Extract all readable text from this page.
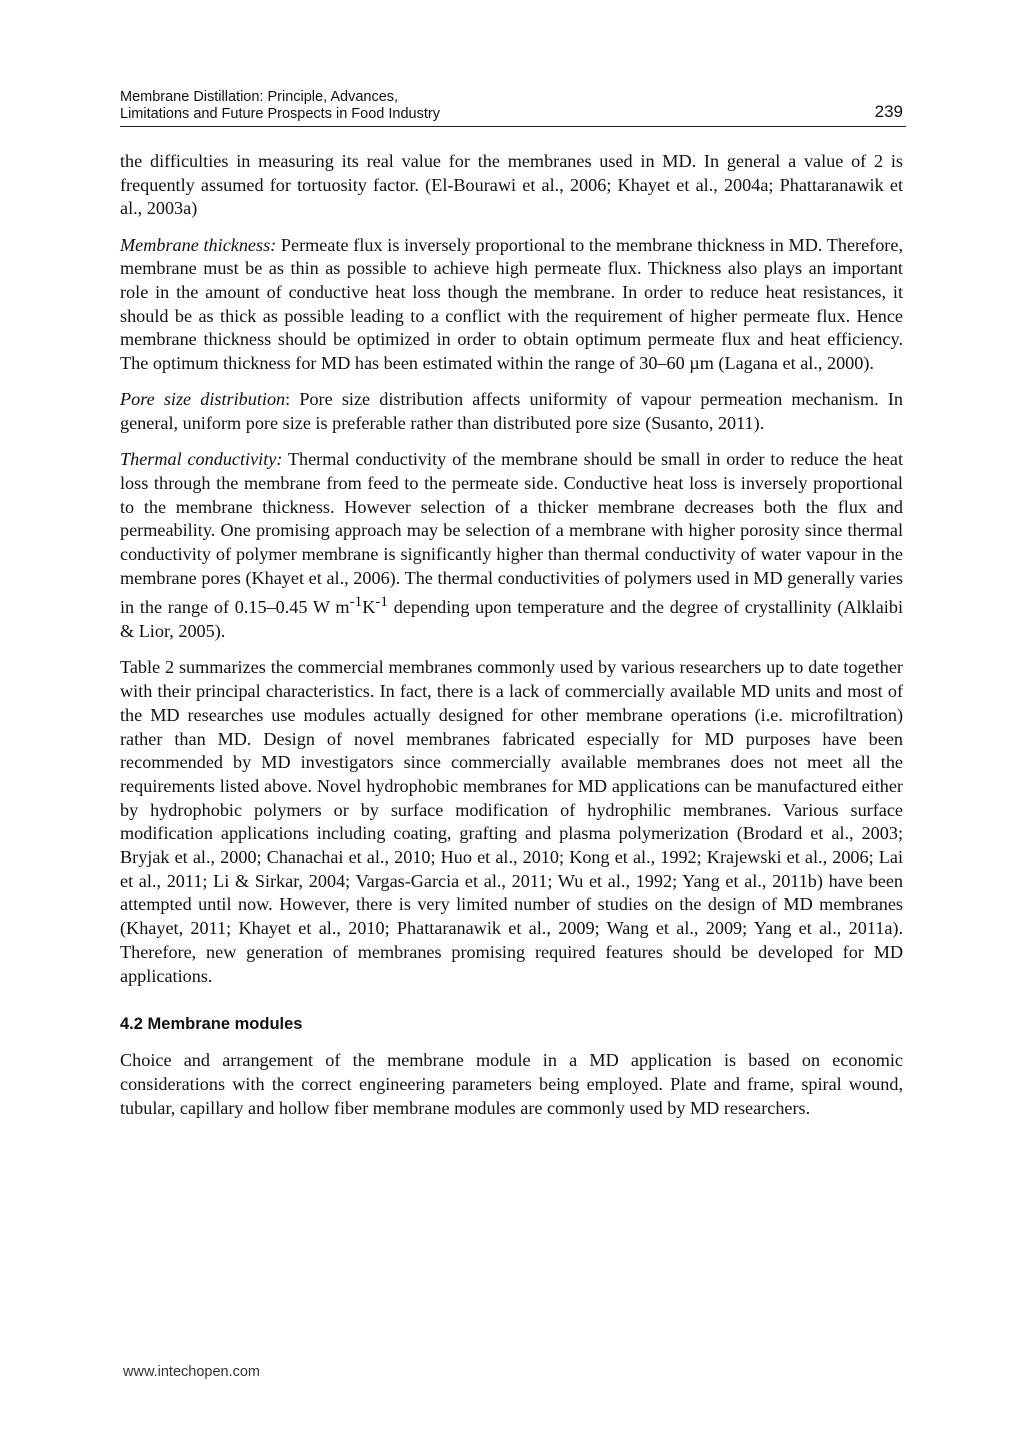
Membrane Distillation: Principle, Advances,
Limitations and Future Prospects in Food Industry	239

the difficulties in measuring its real value for the membranes used in MD. In general a value of 2 is frequently assumed for tortuosity factor. (El-Bourawi et al., 2006; Khayet et al., 2004a; Phattaranawik et al., 2003a)

Membrane thickness: Permeate flux is inversely proportional to the membrane thickness in MD. Therefore, membrane must be as thin as possible to achieve high permeate flux. Thickness also plays an important role in the amount of conductive heat loss though the membrane. In order to reduce heat resistances, it should be as thick as possible leading to a conflict with the requirement of higher permeate flux. Hence membrane thickness should be optimized in order to obtain optimum permeate flux and heat efficiency. The optimum thickness for MD has been estimated within the range of 30–60 µm (Lagana et al., 2000).

Pore size distribution: Pore size distribution affects uniformity of vapour permeation mechanism. In general, uniform pore size is preferable rather than distributed pore size (Susanto, 2011).

Thermal conductivity: Thermal conductivity of the membrane should be small in order to reduce the heat loss through the membrane from feed to the permeate side. Conductive heat loss is inversely proportional to the membrane thickness. However selection of a thicker membrane decreases both the flux and permeability. One promising approach may be selection of a membrane with higher porosity since thermal conductivity of polymer membrane is significantly higher than thermal conductivity of water vapour in the membrane pores (Khayet et al., 2006). The thermal conductivities of polymers used in MD generally varies in the range of 0.15–0.45 W $m^{-1}K^{-1}$ depending upon temperature and the degree of crystallinity (Alklaibi & Lior, 2005).

Table 2 summarizes the commercial membranes commonly used by various researchers up to date together with their principal characteristics. In fact, there is a lack of commercially available MD units and most of the MD researches use modules actually designed for other membrane operations (i.e. microfiltration) rather than MD. Design of novel membranes fabricated especially for MD purposes have been recommended by MD investigators since commercially available membranes does not meet all the requirements listed above. Novel hydrophobic membranes for MD applications can be manufactured either by hydrophobic polymers or by surface modification of hydrophilic membranes. Various surface modification applications including coating, grafting and plasma polymerization (Brodard et al., 2003; Bryjak et al., 2000; Chanachai et al., 2010; Huo et al., 2010; Kong et al., 1992; Krajewski et al., 2006; Lai et al., 2011; Li & Sirkar, 2004; Vargas-Garcia et al., 2011; Wu et al., 1992; Yang et al., 2011b) have been attempted until now. However, there is very limited number of studies on the design of MD membranes (Khayet, 2011; Khayet et al., 2010; Phattaranawik et al., 2009; Wang et al., 2009; Yang et al., 2011a). Therefore, new generation of membranes promising required features should be developed for MD applications.

4.2 Membrane modules

Choice and arrangement of the membrane module in a MD application is based on economic considerations with the correct engineering parameters being employed. Plate and frame, spiral wound, tubular, capillary and hollow fiber membrane modules are commonly used by MD researchers.

www.intechopen.com
